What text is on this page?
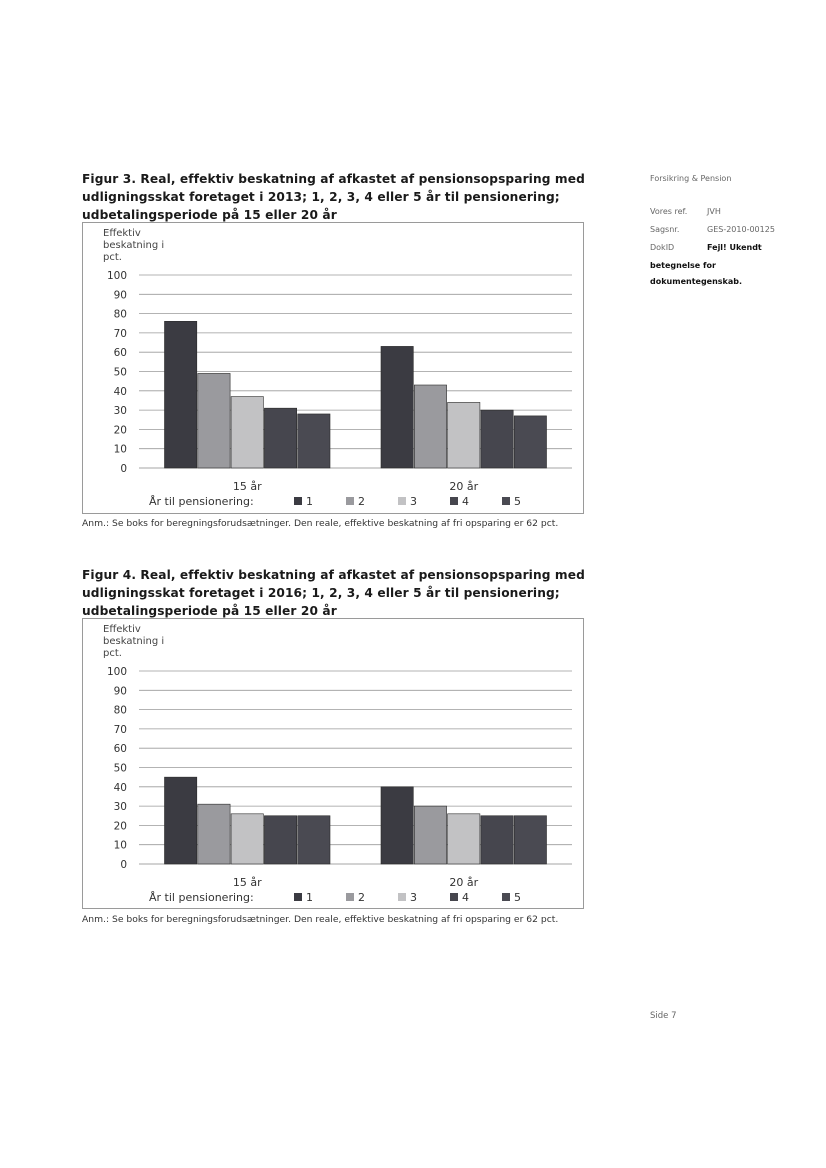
Figur 3. Real, effektiv beskatning af afkastet af pensionsopsparing med udligningsskat foretaget i 2013; 1, 2, 3, 4 eller 5 år til pensionering; udbetalingsperiode på 15 eller 20 år
Effektiv
beskatning i
pct.
100
90
80
70
60
50
40
30
20
10
0
15 år	20 år
År til pensionering:	1	2	3	4	5
Anm.: Se boks for beregningsforudsætninger. Den reale, effektive beskatning af fri opsparing er 62 pct.
Figur 4. Real, effektiv beskatning af afkastet af pensionsopsparing med udligningsskat foretaget i 2016; 1, 2, 3, 4 eller 5 år til pensionering; udbetalingsperiode på 15 eller 20 år
Effektiv
beskatning i
pct.
100
90
80
70
60
50
40
30
20
10
0
15 år	20 år
År til pensionering:	1	2	3	4	5
Anm.: Se boks for beregningsforudsætninger. Den reale, effektive beskatning af fri opsparing er 62 pct.
Forsikring & Pension
Vores ref. JVH
Sagsnr.	GES-2010-00125
DokID	Fejl! Ukendt
betegnelse for
dokumentegenskab.
Side 7
